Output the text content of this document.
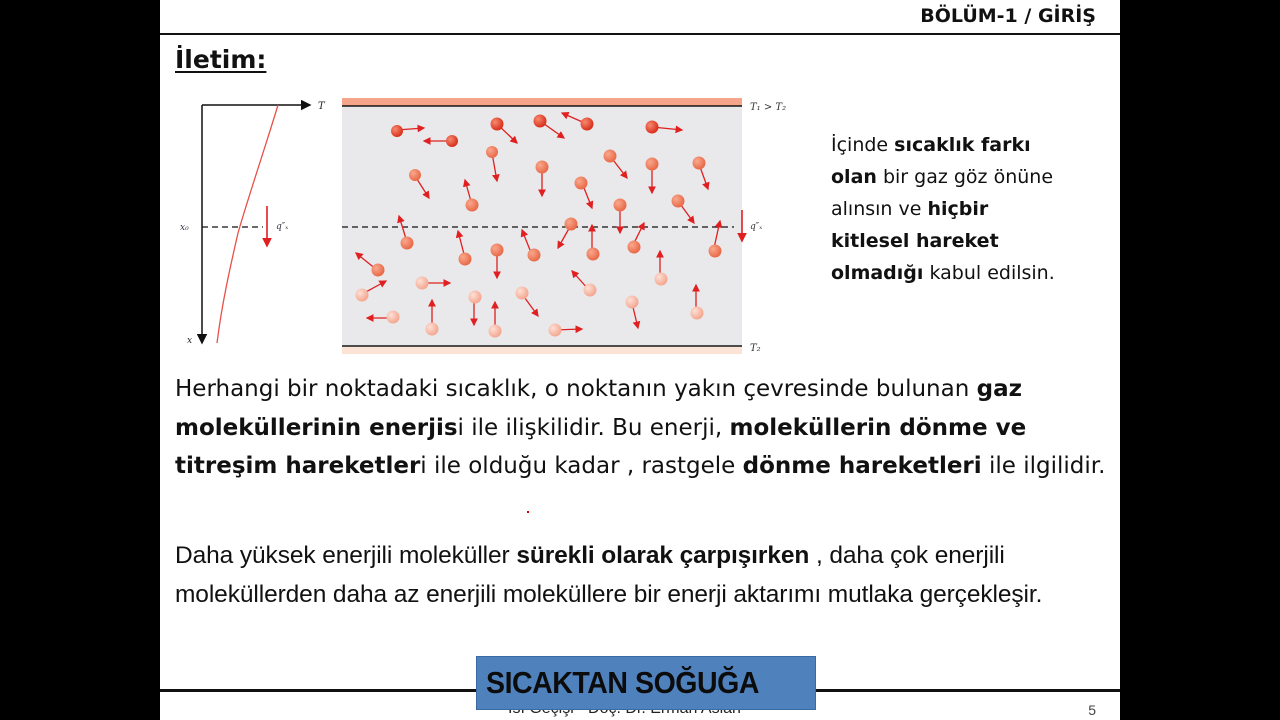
BÖLÜM-1 / GİRİŞ
İletim:
T
x
x₀	q″ₓ
T₁ > T₂
T₂
q″ₓ
İçinde sıcaklık farkı olan bir gaz göz önüne alınsın ve hiçbir kitlesel hareket olmadığı kabul edilsin.
Herhangi bir noktadaki sıcaklık, o noktanın yakın çevresinde bulunan gaz moleküllerinin enerjisi ile ilişkilidir. Bu enerji, moleküllerin dönme ve titreşim hareketleri ile olduğu kadar , rastgele dönme hareketleri ile ilgilidir.
Daha yüksek enerjili moleküller sürekli olarak çarpışırken , daha çok enerjili moleküllerden daha az enerjili moleküllere bir enerji aktarımı mutlaka gerçekleşir.
5
SICAKTAN SOĞUĞA
